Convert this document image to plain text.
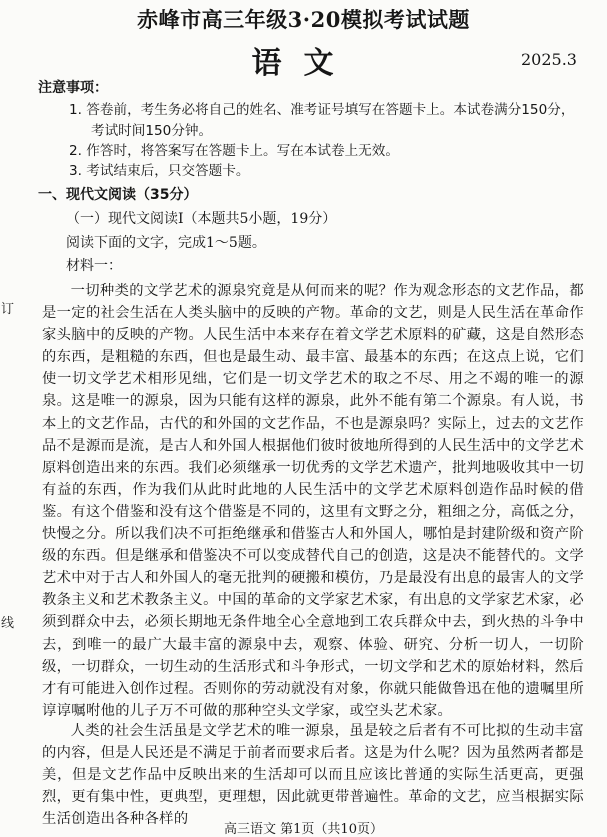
赤峰市高三年级3·20模拟考试试题
语文	2025.3
注意事项：
1. 答卷前，考生务必将自己的姓名、准考证号填写在答题卡上。本试卷满分150分，
考试时间150分钟。
2. 作答时，将答案写在答题卡上。写在本试卷上无效。
3. 考试结束后，只交答题卡。
一、现代文阅读（35分）
（一）现代文阅读Ⅰ（本题共5小题，19分）
阅读下面的文字，完成1～5题。
材料一：

一切种类的文学艺术的源泉究竟是从何而来的呢？作为观念形态的文艺作品，都是一定的社会生活在人类头脑中的反映的产物。革命的文艺，则是人民生活在革命作家头脑中的反映的产物。人民生活中本来存在着文学艺术原料的矿藏，这是自然形态的东西，是粗糙的东西，但也是最生动、最丰富、最基本的东西；在这点上说，它们使一切文学艺术相形见绌，它们是一切文学艺术的取之不尽、用之不竭的唯一的源泉。这是唯一的源泉，因为只能有这样的源泉，此外不能有第二个源泉。有人说，书本上的文艺作品，古代的和外国的文艺作品，不也是源泉吗？实际上，过去的文艺作品不是源而是流，是古人和外国人根据他们彼时彼地所得到的人民生活中的文学艺术原料创造出来的东西。我们必须继承一切优秀的文学艺术遗产，批判地吸收其中一切有益的东西，作为我们从此时此地的人民生活中的文学艺术原料创造作品时候的借鉴。有这个借鉴和没有这个借鉴是不同的，这里有文野之分，粗细之分，高低之分，快慢之分。所以我们决不可拒绝继承和借鉴古人和外国人，哪怕是封建阶级和资产阶级的东西。但是继承和借鉴决不可以变成替代自己的创造，这是决不能替代的。文学艺术中对于古人和外国人的毫无批判的硬搬和模仿，乃是最没有出息的最害人的文学教条主义和艺术教条主义。中国的革命的文学家艺术家，有出息的文学家艺术家，必须到群众中去，必须长期地无条件地全心全意地到工农兵群众中去，到火热的斗争中去，到唯一的最广大最丰富的源泉中去，观察、体验、研究、分析一切人，一切阶级，一切群众，一切生动的生活形式和斗争形式，一切文学和艺术的原始材料，然后才有可能进入创作过程。否则你的劳动就没有对象，你就只能做鲁迅在他的遗嘱里所谆谆嘱咐他的儿子万不可做的那种空头文学家，或空头艺术家。

人类的社会生活虽是文学艺术的唯一源泉，虽是较之后者有不可比拟的生动丰富的内容，但是人民还是不满足于前者而要求后者。这是为什么呢？因为虽然两者都是美，但是文艺作品中反映出来的生活却可以而且应该比普通的实际生活更高，更强烈，更有集中性，更典型，更理想，因此就更带普遍性。革命的文艺，应当根据实际生活创造出各种各样的

订
线
高三语文 第1页（共10页）
